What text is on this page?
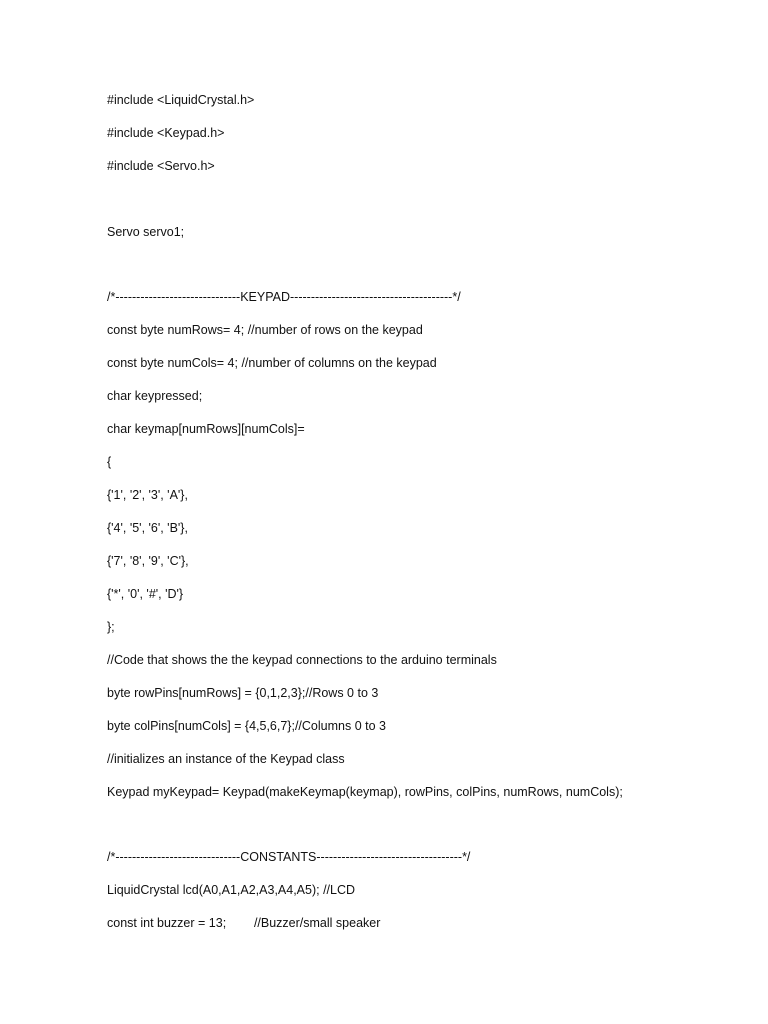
#include <LiquidCrystal.h>
#include <Keypad.h>
#include <Servo.h>
Servo servo1;
/*------------------------------KEYPAD---------------------------------------*/
const byte numRows= 4; //number of rows on the keypad
const byte numCols= 4; //number of columns on the keypad
char keypressed;
char keymap[numRows][numCols]=
{
{'1', '2', '3', 'A'},
{'4', '5', '6', 'B'},
{'7', '8', '9', 'C'},
{'*', '0', '#', 'D'}
};
//Code that shows the the keypad connections to the arduino terminals
byte rowPins[numRows] = {0,1,2,3};//Rows 0 to 3
byte colPins[numCols] = {4,5,6,7};//Columns 0 to 3
//initializes an instance of the Keypad class
Keypad myKeypad= Keypad(makeKeymap(keymap), rowPins, colPins, numRows, numCols);
/*------------------------------CONSTANTS-----------------------------------*/
LiquidCrystal lcd(A0,A1,A2,A3,A4,A5); //LCD
const int buzzer = 13;        //Buzzer/small speaker
